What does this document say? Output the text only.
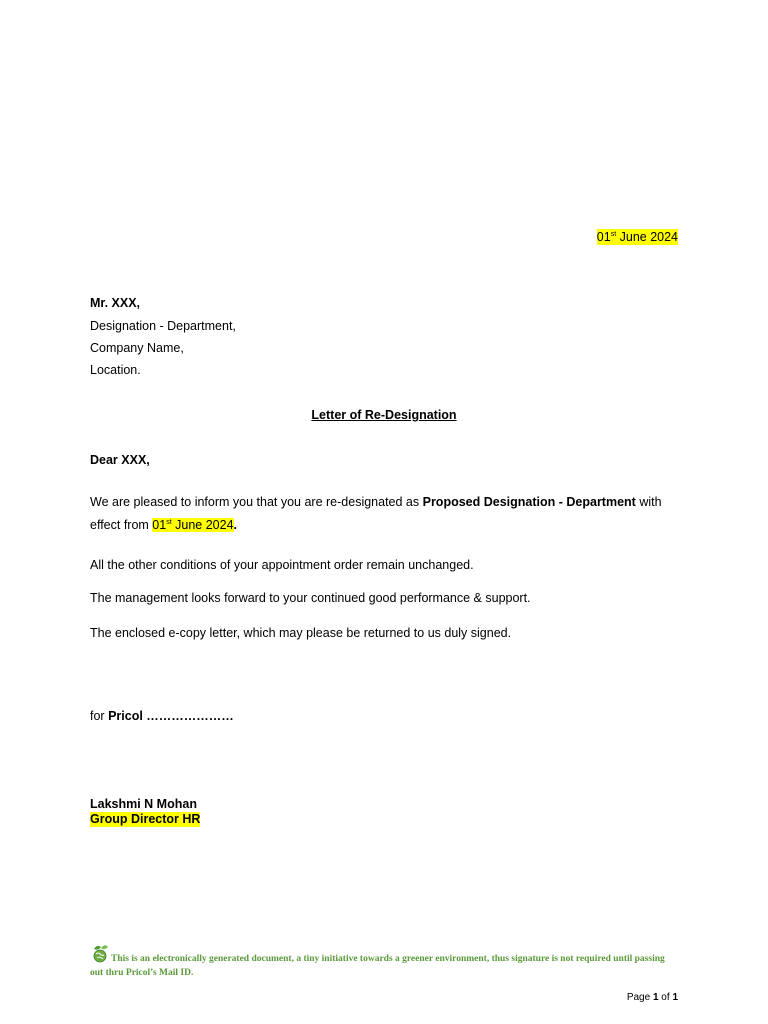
01st June 2024
Mr. XXX,
Designation - Department,
Company Name,
Location.
Letter of Re-Designation
Dear XXX,
We are pleased to inform you that you are re-designated as Proposed Designation - Department with effect from 01st June 2024.
All the other conditions of your appointment order remain unchanged.
The management looks forward to your continued good performance & support.
The enclosed e-copy letter, which may please be returned to us duly signed.
for Pricol …………………
Lakshmi N Mohan
Group Director HR
This is an electronically generated document, a tiny initiative towards a greener environment, thus signature is not required until passing out thru Pricol’s Mail ID.
Page 1 of 1
